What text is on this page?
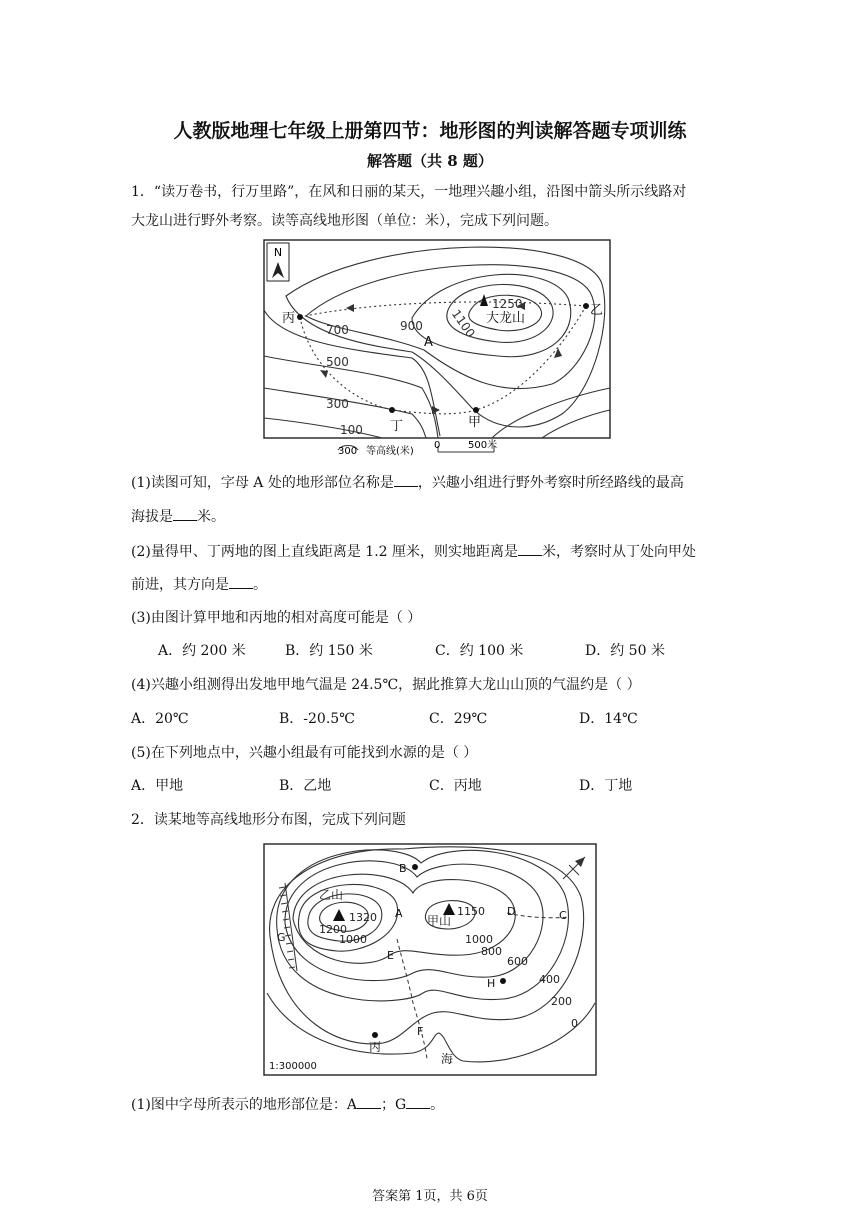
人教版地理七年级上册第四节：地形图的判读解答题专项训练
解答题（共 8 题）
1．“读万卷书，行万里路”，在风和日丽的某天，一地理兴趣小组，沿图中箭头所示线路对
大龙山进行野外考察。读等高线地形图（单位：米），完成下列问题。
N
1250
1100
900
700
500
300
100
大龙山
丙
乙
A
丁	甲
300 等高线(米)
0	500米
(1)读图可知，字母 A 处的地形部位名称是 ，兴趣小组进行野外考察时所经路线的最高
海拔是 米。
(2)量得甲、丁两地的图上直线距离是 1.2 厘米，则实地距离是 米，考察时从丁处向甲处
前进，其方向是 。
(3)由图计算甲地和丙地的相对高度可能是（ ）
A．约 200 米	B．约 150 米	C．约 100 米	D．约 50 米
(4)兴趣小组测得出发地甲地气温是 24.5℃，据此推算大龙山山顶的气温约是（ ）
A．20℃	B．-20.5℃	C．29℃	D．14℃
(5)在下列地点中，兴趣小组最有可能找到水源的是（ ）
A．甲地	B．乙地	C．丙地	D．丁地
2．读某地等高线地形分布图，完成下列问题
乙山
1320	甲山
1150
1200
1000	1000
800
600
400
200
0
A
B
C
D
E
F
G
H
丙
海
1:300000
(1)图中字母所表示的地形部位是：A ；G 。
答案第 1页，共 6页
